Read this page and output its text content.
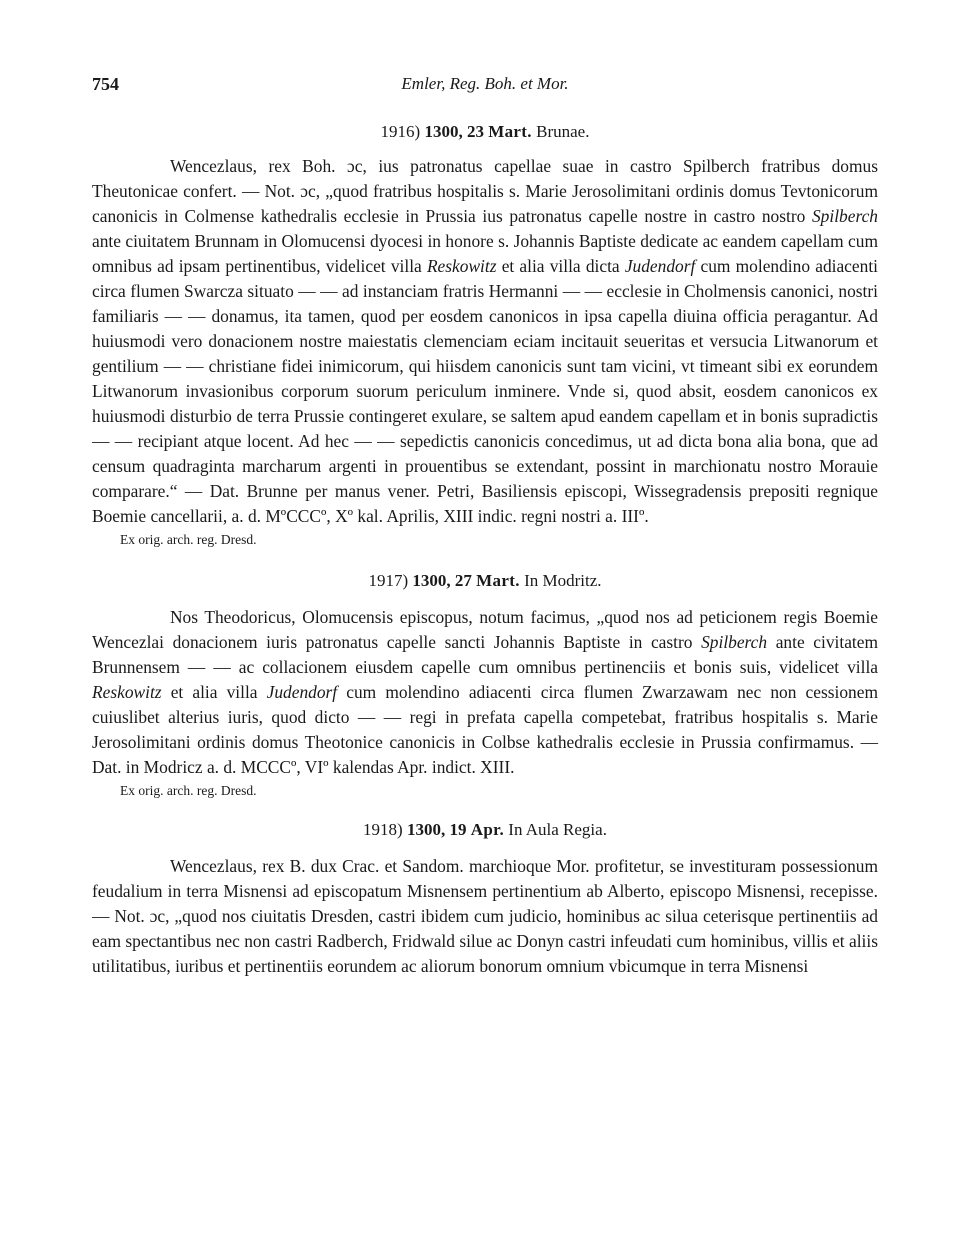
754	Emler, Reg. Boh. et Mor.
1916) 1300, 23 Mart. Brunae.

Wencezlaus, rex Boh. ɔc, ius patronatus capellae suae in castro Spilberch fratribus domus Theutonicae confert. — Not. ɔc, „quod fratribus hospitalis s. Marie Jerosolimitani ordinis domus Tevtonicorum canonicis in Colmense kathedralis ecclesie in Prussia ius patronatus capelle nostre in castro nostro Spilberch ante ciuitatem Brunnam in Olomucensi dyocesi in honore s. Johannis Baptiste dedicate ac eandem capellam cum omnibus ad ipsam pertinentibus, videlicet villa Reskowitz et alia villa dicta Judendorf cum molendino adiacenti circa flumen Swarcza situato — — ad instanciam fratris Hermanni — — ecclesie in Cholmensis canonici, nostri familiaris — — donamus, ita tamen, quod per eosdem canonicos in ipsa capella diuina officia peragantur. Ad huiusmodi vero donacionem nostre maiestatis clemenciam eciam incitauit seueritas et versucia Litwanorum et gentilium — — christiane fidei inimicorum, qui hiisdem canonicis sunt tam vicini, vt timeant sibi ex eorundem Litwanorum invasionibus corporum suorum periculum inminere. Vnde si, quod absit, eosdem canonicos ex huiusmodi disturbio de terra Prussie contingeret exulare, se saltem apud eandem capellam et in bonis supradictis — — recipiant atque locent. Ad hec — — sepedictis canonicis concedimus, ut ad dicta bona alia bona, que ad censum quadraginta marcharum argenti in prouentibus se extendant, possint in marchionatu nostro Morauie comparare.“ — Dat. Brunne per manus vener. Petri, Basiliensis episcopi, Wissegradensis prepositi regnique Boemie cancellarii, a. d. MºCCCº, Xº kal. Aprilis, XIII indic. regni nostri a. IIIº.

Ex orig. arch. reg. Dresd.
1917) 1300, 27 Mart. In Modritz.

Nos Theodoricus, Olomucensis episcopus, notum facimus, „quod nos ad peticionem regis Boemie Wencezlai donacionem iuris patronatus capelle sancti Johannis Baptiste in castro Spilberch ante civitatem Brunnensem — — ac collacionem eiusdem capelle cum omnibus pertinenciis et bonis suis, videlicet villa Reskowitz et alia villa Judendorf cum molendino adiacenti circa flumen Zwarzawam nec non cessionem cuiuslibet alterius iuris, quod dicto — — regi in prefata capella competebat, fratribus hospitalis s. Marie Jerosolimitani ordinis domus Theotonice canonicis in Colbse kathedralis ecclesie in Prussia confirmamus. — Dat. in Modricz a. d. MCCCº, VIº kalendas Apr. indict. XIII.

Ex orig. arch. reg. Dresd.
1918) 1300, 19 Apr. In Aula Regia.

Wencezlaus, rex B. dux Crac. et Sandom. marchioque Mor. profitetur, se investituram possessionum feudalium in terra Misnensi ad episcopatum Misnensem pertinentium ab Alberto, episcopo Misnensi, recepisse. — Not. ɔc, „quod nos ciuitatis Dresden, castri ibidem cum judicio, hominibus ac silua ceterisque pertinentiis ad eam spectantibus nec non castri Radberch, Fridwald silue ac Donyn castri infeudati cum hominibus, villis et aliis utilitatibus, iuribus et pertinentiis eorundem ac aliorum bonorum omnium vbicumque in terra Misnensi
